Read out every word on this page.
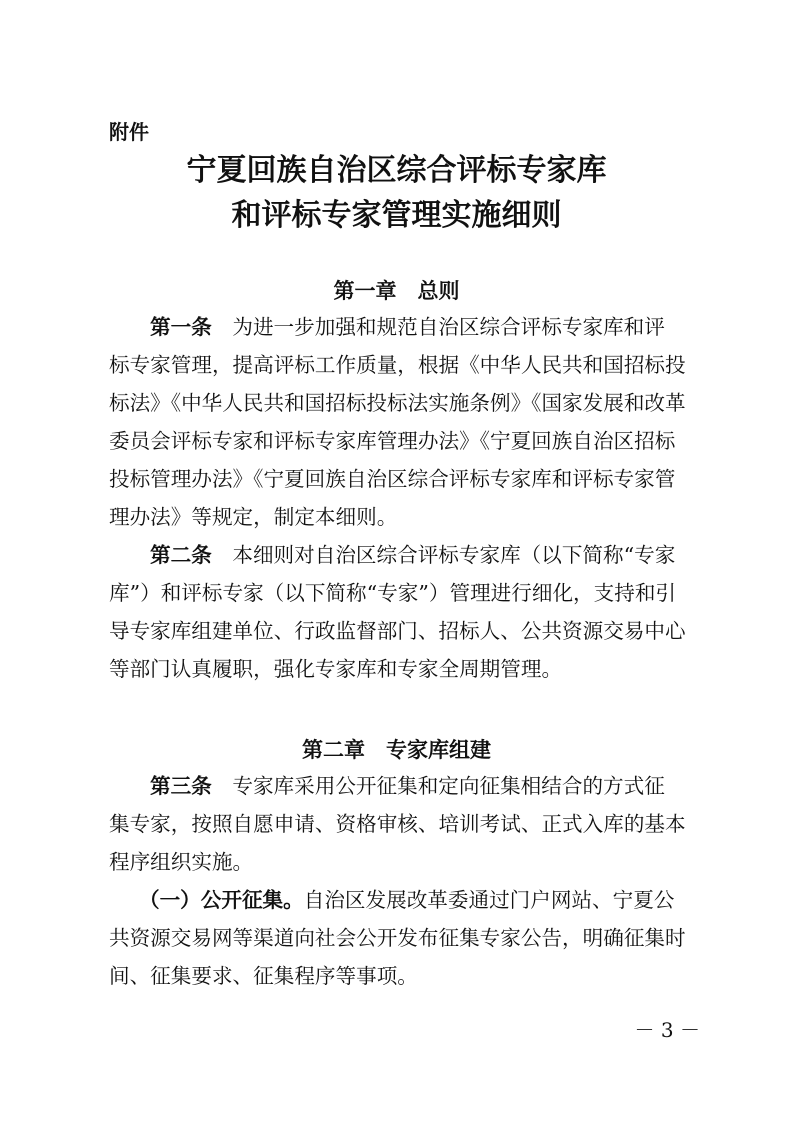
附件
宁夏回族自治区综合评标专家库
和评标专家管理实施细则
第一章　总则
第一条　为进一步加强和规范自治区综合评标专家库和评
标专家管理，提高评标工作质量，根据《中华人民共和国招标投
标法》《中华人民共和国招标投标法实施条例》《国家发展和改革
委员会评标专家和评标专家库管理办法》《宁夏回族自治区招标
投标管理办法》《宁夏回族自治区综合评标专家库和评标专家管
理办法》等规定，制定本细则。
第二条　本细则对自治区综合评标专家库（以下简称“专家
库”）和评标专家（以下简称“专家”）管理进行细化，支持和引
导专家库组建单位、行政监督部门、招标人、公共资源交易中心
等部门认真履职，强化专家库和专家全周期管理。
第二章　专家库组建
第三条　专家库采用公开征集和定向征集相结合的方式征
集专家，按照自愿申请、资格审核、培训考试、正式入库的基本
程序组织实施。
（一）公开征集。自治区发展改革委通过门户网站、宁夏公
共资源交易网等渠道向社会公开发布征集专家公告，明确征集时
间、征集要求、征集程序等事项。
－ 3 －
